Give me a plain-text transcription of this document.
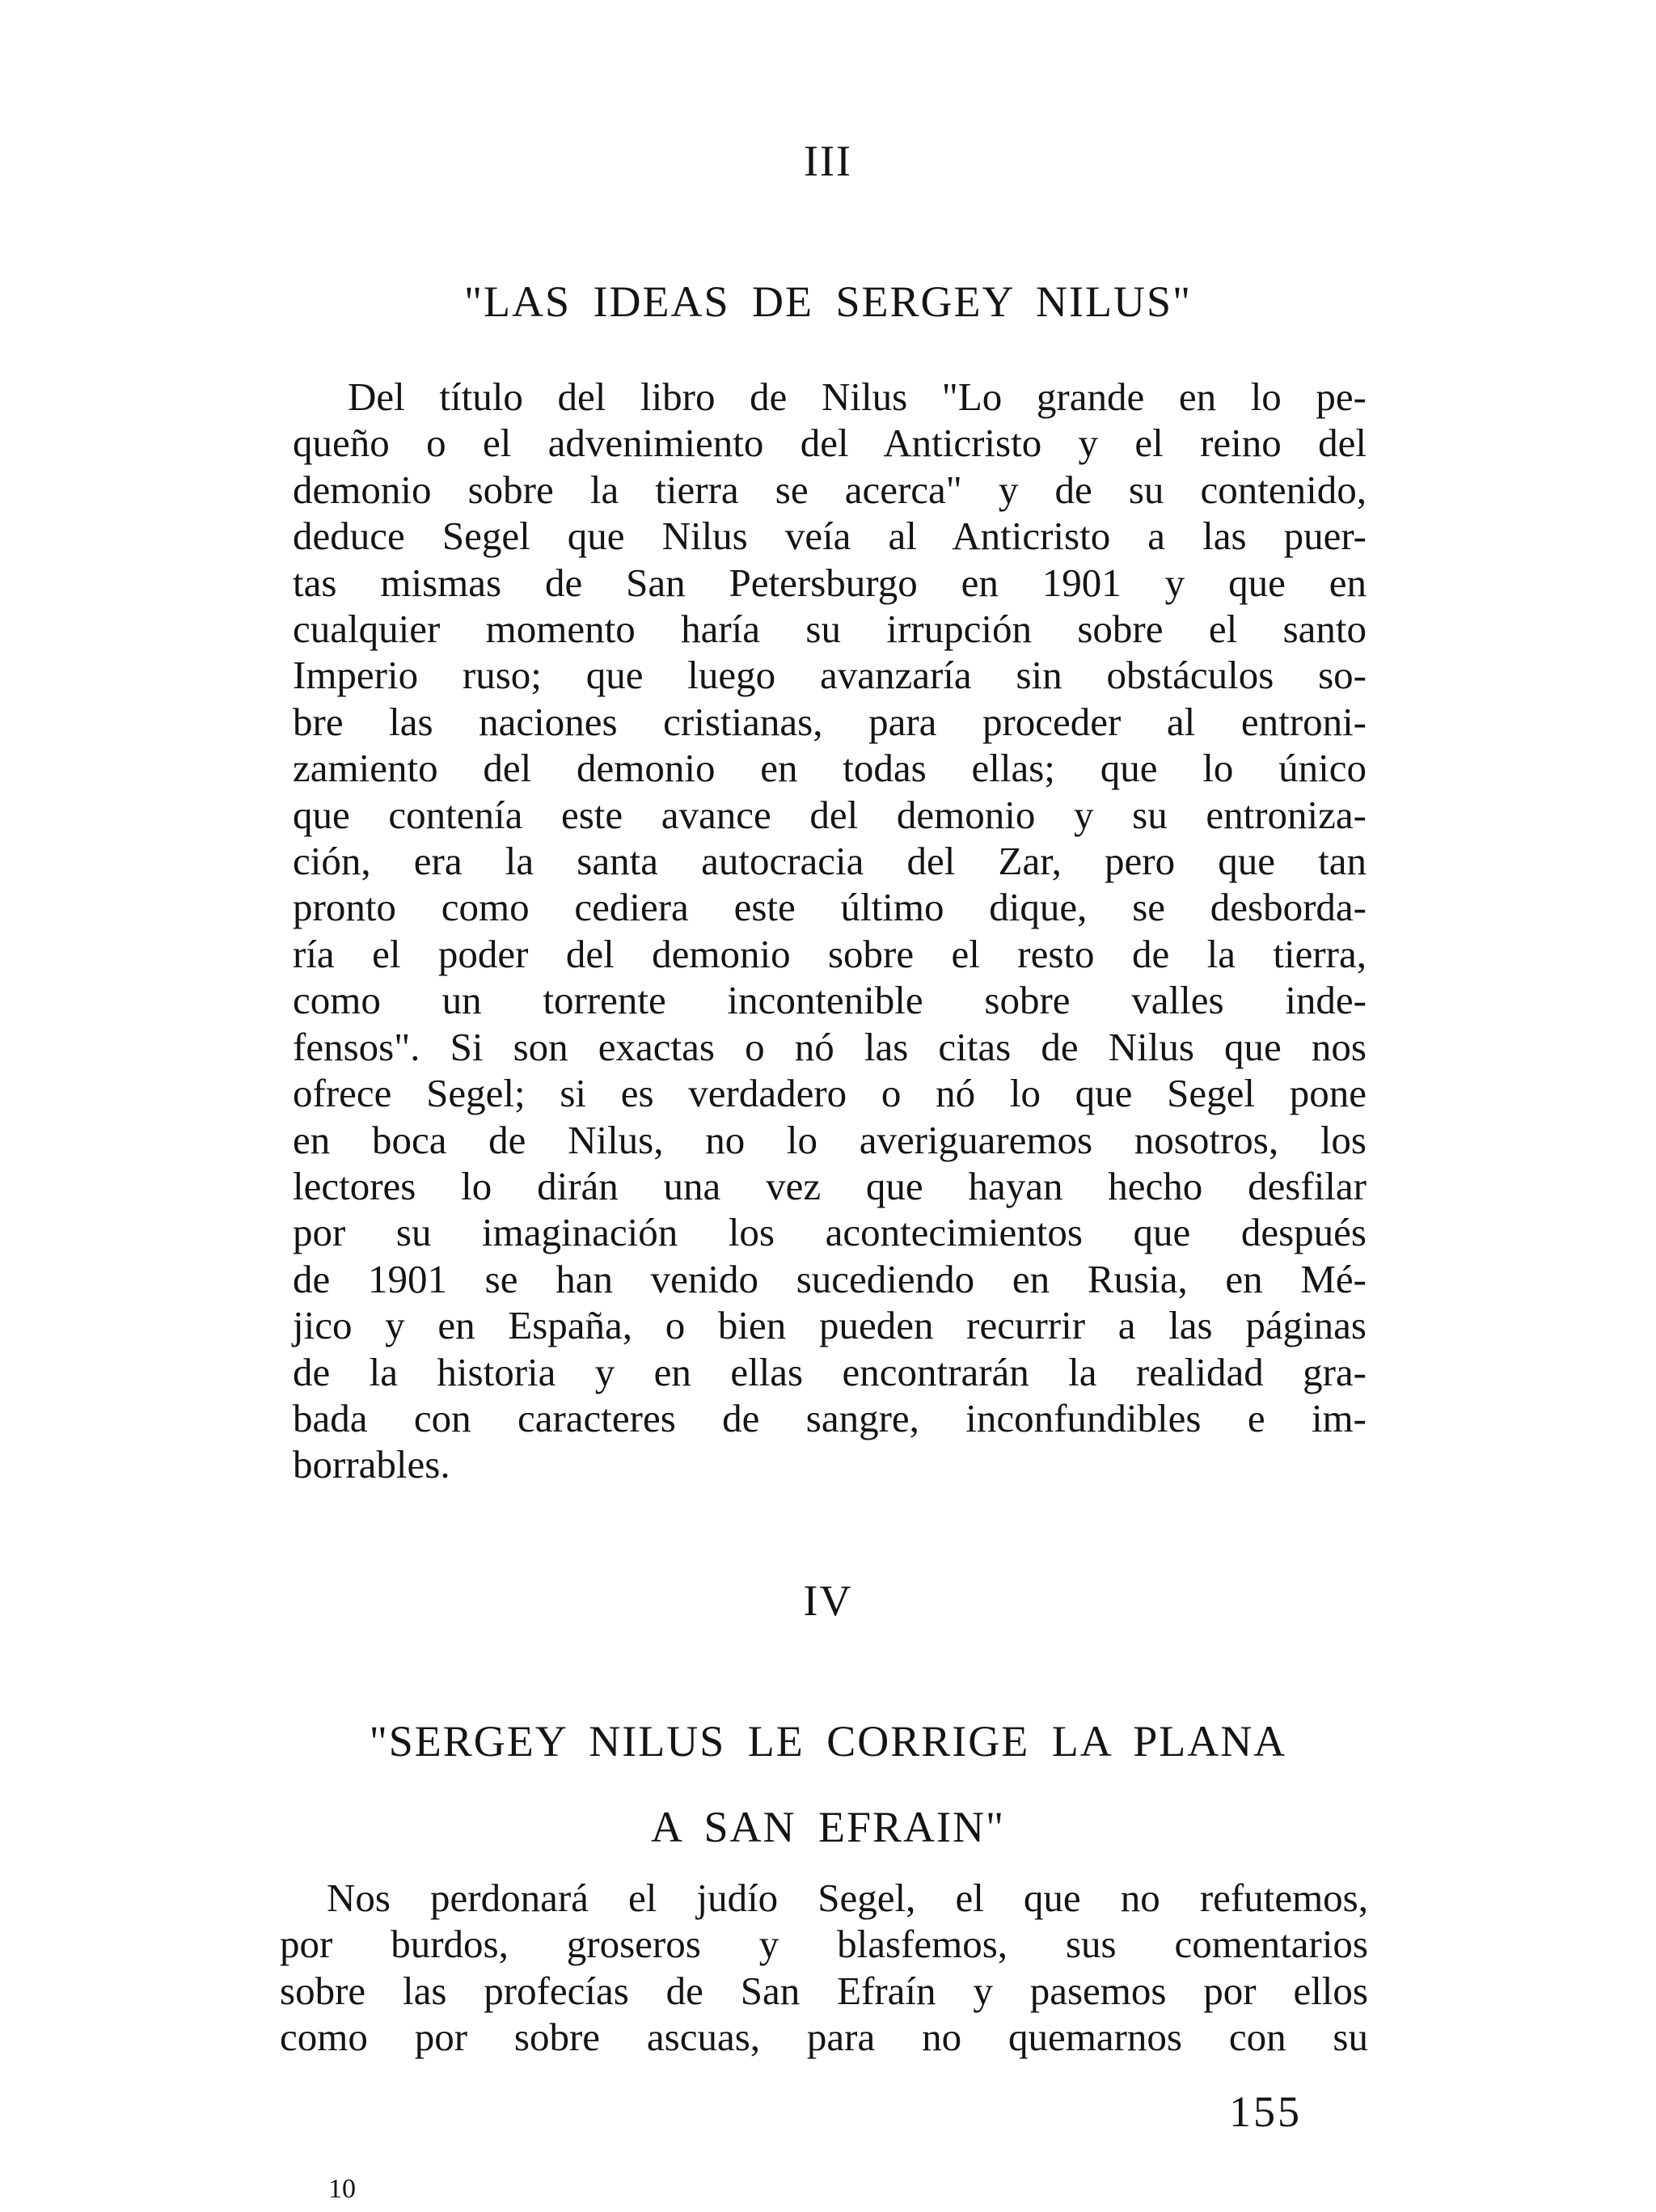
III
"LAS IDEAS DE SERGEY NILUS"
Del título del libro de Nilus "Lo grande en lo pe-
queño o el advenimiento del Anticristo y el reino del
demonio sobre la tierra se acerca" y de su contenido,
deduce Segel que Nilus veía al Anticristo a las puer-
tas mismas de San Petersburgo en 1901 y que en
cualquier momento haría su irrupción sobre el santo
Imperio ruso; que luego avanzaría sin obstáculos so-
bre las naciones cristianas, para proceder al entroni-
zamiento del demonio en todas ellas; que lo único
que contenía este avance del demonio y su entroniza-
ción, era la santa autocracia del Zar, pero que tan
pronto como cediera este último dique, se desborda-
ría el poder del demonio sobre el resto de la tierra,
como un torrente incontenible sobre valles inde-
fensos". Si son exactas o nó las citas de Nilus que nos
ofrece Segel; si es verdadero o nó lo que Segel pone
en boca de Nilus, no lo averiguaremos nosotros, los
lectores lo dirán una vez que hayan hecho desfilar
por su imaginación los acontecimientos que después
de 1901 se han venido sucediendo en Rusia, en Mé-
jico y en España, o bien pueden recurrir a las páginas
de la historia y en ellas encontrarán la realidad gra-
bada con caracteres de sangre, inconfundibles e im-
borrables.
IV
"SERGEY NILUS LE CORRIGE LA PLANA
A SAN EFRAIN"
Nos perdonará el judío Segel, el que no refutemos,
por burdos, groseros y blasfemos, sus comentarios
sobre las profecías de San Efraín y pasemos por ellos
como por sobre ascuas, para no quemarnos con su
155
10
